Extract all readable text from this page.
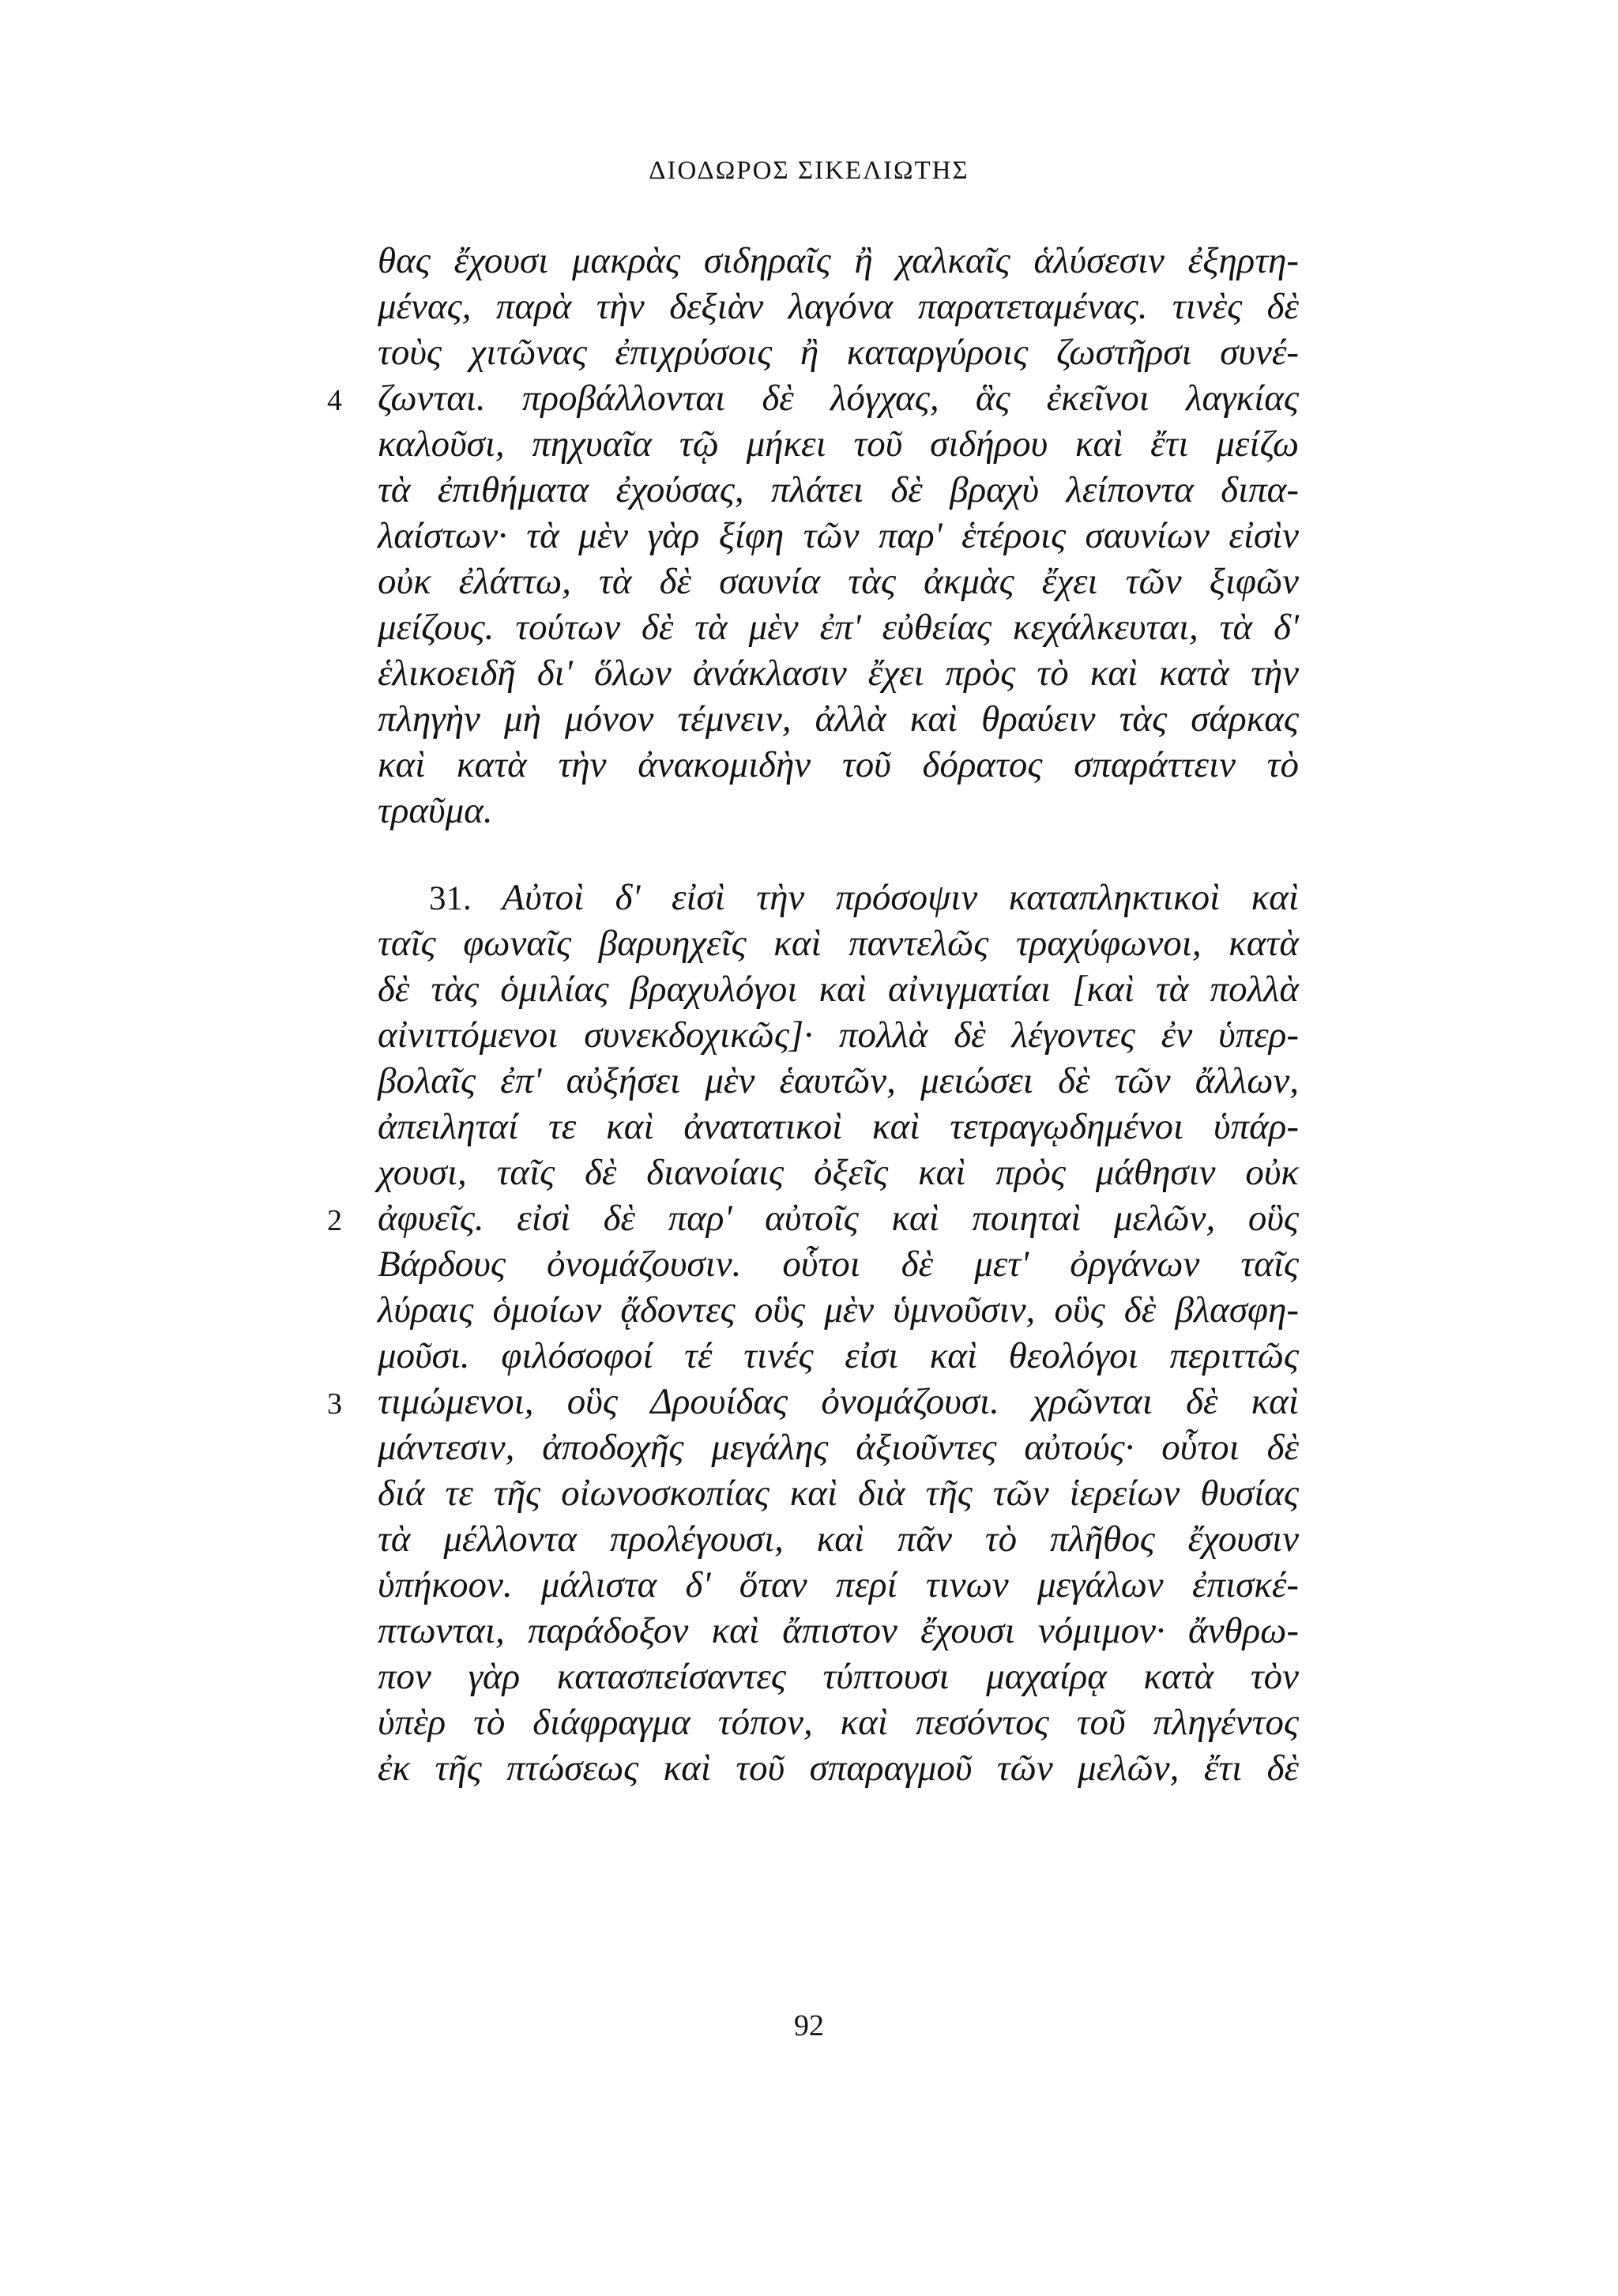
ΔΙΟΔΩΡΟΣ ΣΙΚΕΛΙΩΤΗΣ
θας ἔχουσι μακρὰς σιδηραῖς ἢ χαλκαῖς ἁλύσεσιν ἐξηρτη-
μένας, παρὰ τὴν δεξιὰν λαγόνα παρατεταμένας. τινὲς δὲ
τοὺς χιτῶνας ἐπιχρύσοις ἢ καταργύροις ζωστῆρσι συνέ-
4 ζωνται. προβάλλονται δὲ λόγχας, ἃς ἐκεῖνοι λαγκίας
καλοῦσι, πηχυαῖα τῷ μήκει τοῦ σιδήρου καὶ ἔτι μείζω
τὰ ἐπιθήματα ἐχούσας, πλάτει δὲ βραχὺ λείποντα διπα-
λαίστων· τὰ μὲν γὰρ ξίφη τῶν παρ' ἑτέροις σαυνίων εἰσὶν
οὐκ ἐλάττω, τὰ δὲ σαυνία τὰς ἀκμὰς ἔχει τῶν ξιφῶν
μείζους. τούτων δὲ τὰ μὲν ἐπ' εὐθείας κεχάλκευται, τὰ δ'
ἑλικοειδῆ δι' ὅλων ἀνάκλασιν ἔχει πρὸς τὸ καὶ κατὰ τὴν
πληγὴν μὴ μόνον τέμνειν, ἀλλὰ καὶ θραύειν τὰς σάρκας
καὶ κατὰ τὴν ἀνακομιδὴν τοῦ δόρατος σπαράττειν τὸ
τραῦμα.
31. Αὐτοὶ δ' εἰσὶ τὴν πρόσοψιν καταπληκτικοὶ καὶ
ταῖς φωναῖς βαρυηχεῖς καὶ παντελῶς τραχύφωνοι, κατὰ
δὲ τὰς ὁμιλίας βραχυλόγοι καὶ αἰνιγματίαι [καὶ τὰ πολλὰ
αἰνιττόμενοι συνεκδοχικῶς]· πολλὰ δὲ λέγοντες ἐν ὑπερ-
βολαῖς ἐπ' αὐξήσει μὲν ἑαυτῶν, μειώσει δὲ τῶν ἄλλων,
ἀπειληταί τε καὶ ἀνατατικοὶ καὶ τετραγῳδημένοι ὑπάρ-
χουσι, ταῖς δὲ διανοίαις ὀξεῖς καὶ πρὸς μάθησιν οὐκ
2 ἀφυεῖς. εἰσὶ δὲ παρ' αὐτοῖς καὶ ποιηταὶ μελῶν, οὓς
Βάρδους ὀνομάζουσιν. οὗτοι δὲ μετ' ὀργάνων ταῖς
λύραις ὁμοίων ᾄδοντες οὓς μὲν ὑμνοῦσιν, οὓς δὲ βλασφη-
μοῦσι. φιλόσοφοί τέ τινές εἰσι καὶ θεολόγοι περιττῶς
3 τιμώμενοι, οὓς Δρουίδας ὀνομάζουσι. χρῶνται δὲ καὶ
μάντεσιν, ἀποδοχῆς μεγάλης ἀξιοῦντες αὐτούς· οὗτοι δὲ
διά τε τῆς οἰωνοσκοπίας καὶ διὰ τῆς τῶν ἱερείων θυσίας
τὰ μέλλοντα προλέγουσι, καὶ πᾶν τὸ πλῆθος ἔχουσιν
ὑπήκοον. μάλιστα δ' ὅταν περί τινων μεγάλων ἐπισκέ-
πτωνται, παράδοξον καὶ ἄπιστον ἔχουσι νόμιμον· ἄνθρω-
πον γὰρ κατασπείσαντες τύπτουσι μαχαίρᾳ κατὰ τὸν
ὑπὲρ τὸ διάφραγμα τόπον, καὶ πεσόντος τοῦ πληγέντος
ἐκ τῆς πτώσεως καὶ τοῦ σπαραγμοῦ τῶν μελῶν, ἔτι δὲ
92
